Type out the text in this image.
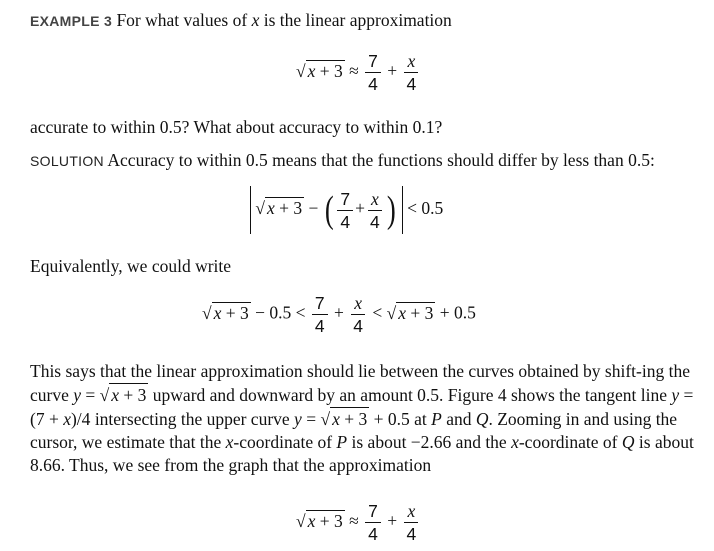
EXAMPLE 3 For what values of x is the linear approximation
√ $x + 3 \approx \frac{7}{4} + \frac{x}{4}$
accurate to within 0.5? What about accuracy to within 0.1?
SOLUTION Accuracy to within 0.5 means that the functions should differ by less than 0.5:
√ x + 3 − ( $\frac{7}{4} + \frac{x}{4}$ ) < 0.5
Equivalently, we could write
√ $x + 3 - 0.5 < \frac{7}{4} + \frac{x}{4}$ < √ x + 3 + 0.5
This says that the linear approximation should lie between the curves obtained by shift-ing the curve y = √ x + 3 upward and downward by an amount 0.5. Figure 4 shows the tangent line y = (7 + x)/4 intersecting the upper curve y = √ x + 3 + 0.5 at P and Q. Zooming in and using the cursor, we estimate that the x-coordinate of P is about −2.66 and the x-coordinate of Q is about 8.66. Thus, we see from the graph that the approximation
√ $x + 3 \approx \frac{7}{4} + \frac{x}{4}$
